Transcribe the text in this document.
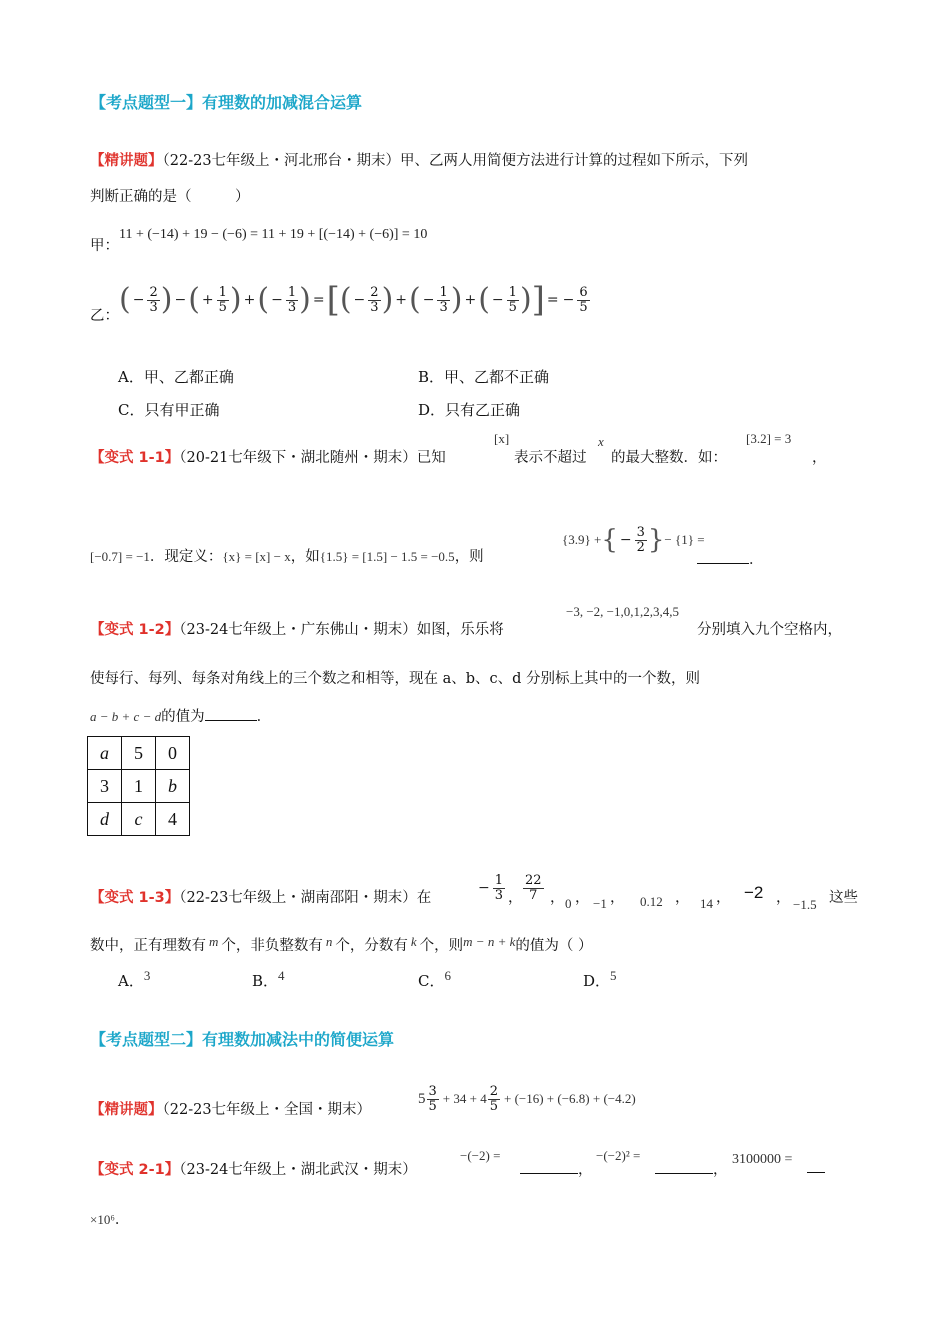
【考点题型一】有理数的加减混合运算
【精讲题】（22-23七年级上・河北邢台・期末）甲、乙两人用简便方法进行计算的过程如下所示，下列
判断正确的是（　　　）
甲：11 + (−14) + 19 − (−6) = 11 + 19 + [(−14) + (−6)] = 10
乙： ( − $\frac{2}{3}$ ) − ( + $\frac{1}{5}$ ) + ( − $\frac{1}{3}$ ) = [ ( − $\frac{2}{3}$ ) + ( − $\frac{1}{3}$ ) + ( − $\frac{1}{5}$ ) ] = − $\frac{6}{5}$
A．甲、乙都正确	B．甲、乙都不正确
C．只有甲正确	D．只有乙正确
【变式 1-1】（20-21七年级下・湖北随州・期末）已知
[x]
表示不超过
x
的最大整数．如：
[3.2] = 3
，
[−0.7] = −1．现定义：{x} = [x] − x，如{1.5} = [1.5] − 1.5 = −0.5，则
{3.9} + { − $\frac{3}{2}$ } − {1} =
．
【变式 1-2】（23-24七年级上・广东佛山・期末）如图，乐乐将
−3, −2, −1,0,1,2,3,4,5
分别填入九个空格内，
使每行、每列、每条对角线上的三个数之和相等，现在 a、b、c、d 分别标上其中的一个数，则
a − b + c − d的值为	．
a	5	0
3	1	b
d	c	4
【变式 1-3】（22-23七年级上・湖南邵阳・期末）在
− $\frac{1}{3}$ ， $\frac{22}{7}$ ， 0 ， −1 ， 0.12 ， 14 ， −2 ， −1.5 这些
数中，正有理数有 m 个，非负整数有 n 个，分数有 k 个，则m − n + k的值为（ ）
A．3	B．4	C．6	D．5
【考点题型二】有理数加减法中的简便运算
【精讲题】（22-23七年级上・全国・期末）
$5 \frac{3}{5} + 34 + 4 \frac{2}{5} + (-16) + (-6.8) + (-4.2)$
【变式 2-1】（23-24七年级上・湖北武汉・期末）
−(−2) =
，
−(−2)² =
，
3100000 =
×10⁶．
